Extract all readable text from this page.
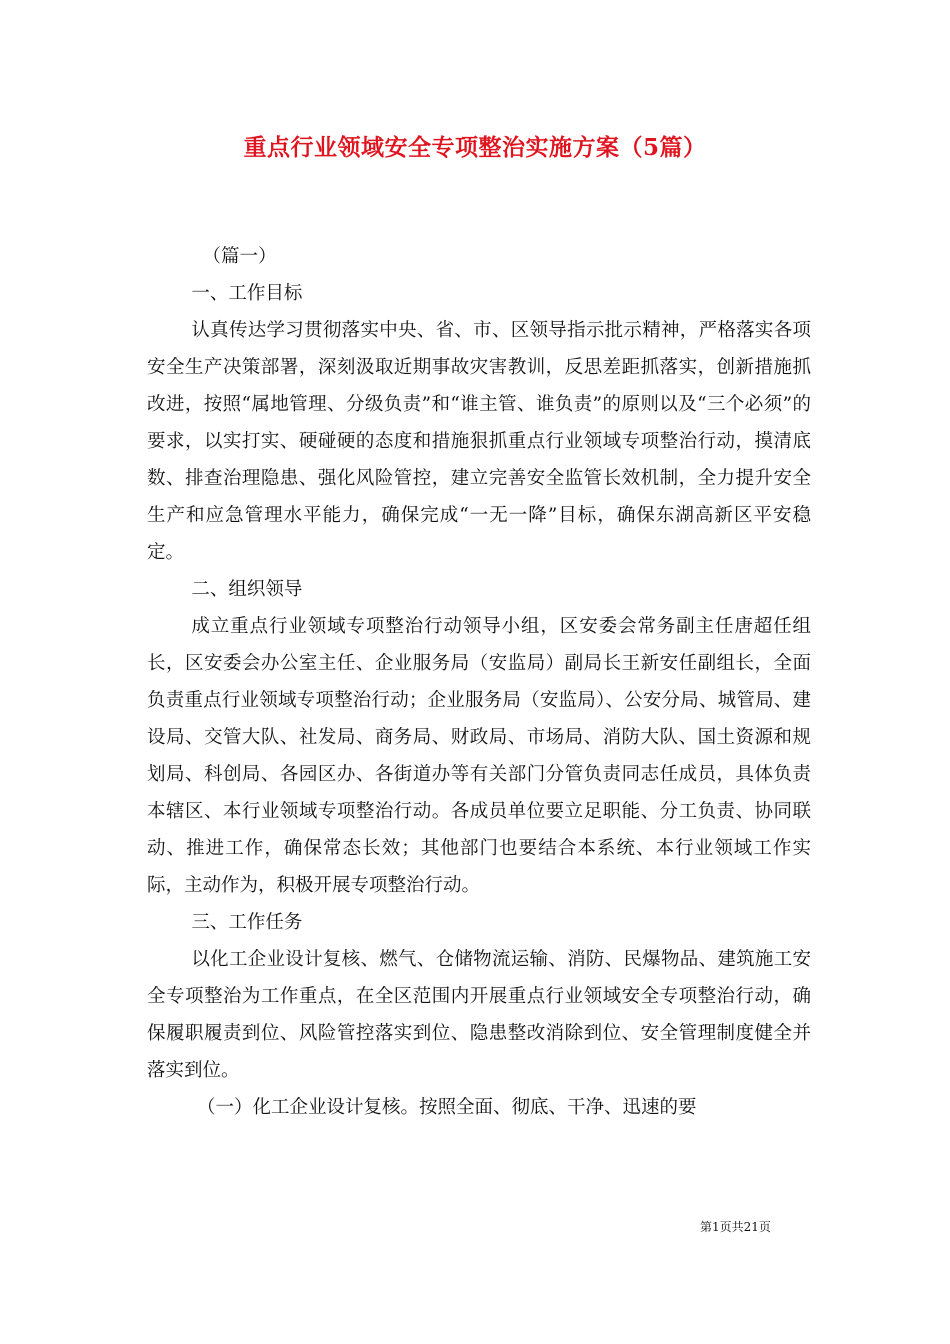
重点行业领域安全专项整治实施方案（5篇）

（篇一）

一、工作目标

认真传达学习贯彻落实中央、省、市、区领导指示批示精神，严格落实各项安全生产决策部署，深刻汲取近期事故灾害教训，反思差距抓落实，创新措施抓改进，按照“属地管理、分级负责”和“谁主管、谁负责”的原则以及“三个必须”的要求，以实打实、硬碰硬的态度和措施狠抓重点行业领域专项整治行动，摸清底数、排查治理隐患、强化风险管控，建立完善安全监管长效机制，全力提升安全生产和应急管理水平能力，确保完成“一无一降”目标，确保东湖高新区平安稳定。

二、组织领导

成立重点行业领域专项整治行动领导小组，区安委会常务副主任唐超任组长，区安委会办公室主任、企业服务局（安监局）副局长王新安任副组长，全面负责重点行业领域专项整治行动；企业服务局（安监局）、公安分局、城管局、建设局、交管大队、社发局、商务局、财政局、市场局、消防大队、国土资源和规划局、科创局、各园区办、各街道办等有关部门分管负责同志任成员，具体负责本辖区、本行业领域专项整治行动。各成员单位要立足职能、分工负责、协同联动、推进工作，确保常态长效；其他部门也要结合本系统、本行业领域工作实际，主动作为，积极开展专项整治行动。

三、工作任务

以化工企业设计复核、燃气、仓储物流运输、消防、民爆物品、建筑施工安全专项整治为工作重点，在全区范围内开展重点行业领域安全专项整治行动，确保履职履责到位、风险管控落实到位、隐患整改消除到位、安全管理制度健全并落实到位。

（一）化工企业设计复核。按照全面、彻底、干净、迅速的要

第1页共21页
